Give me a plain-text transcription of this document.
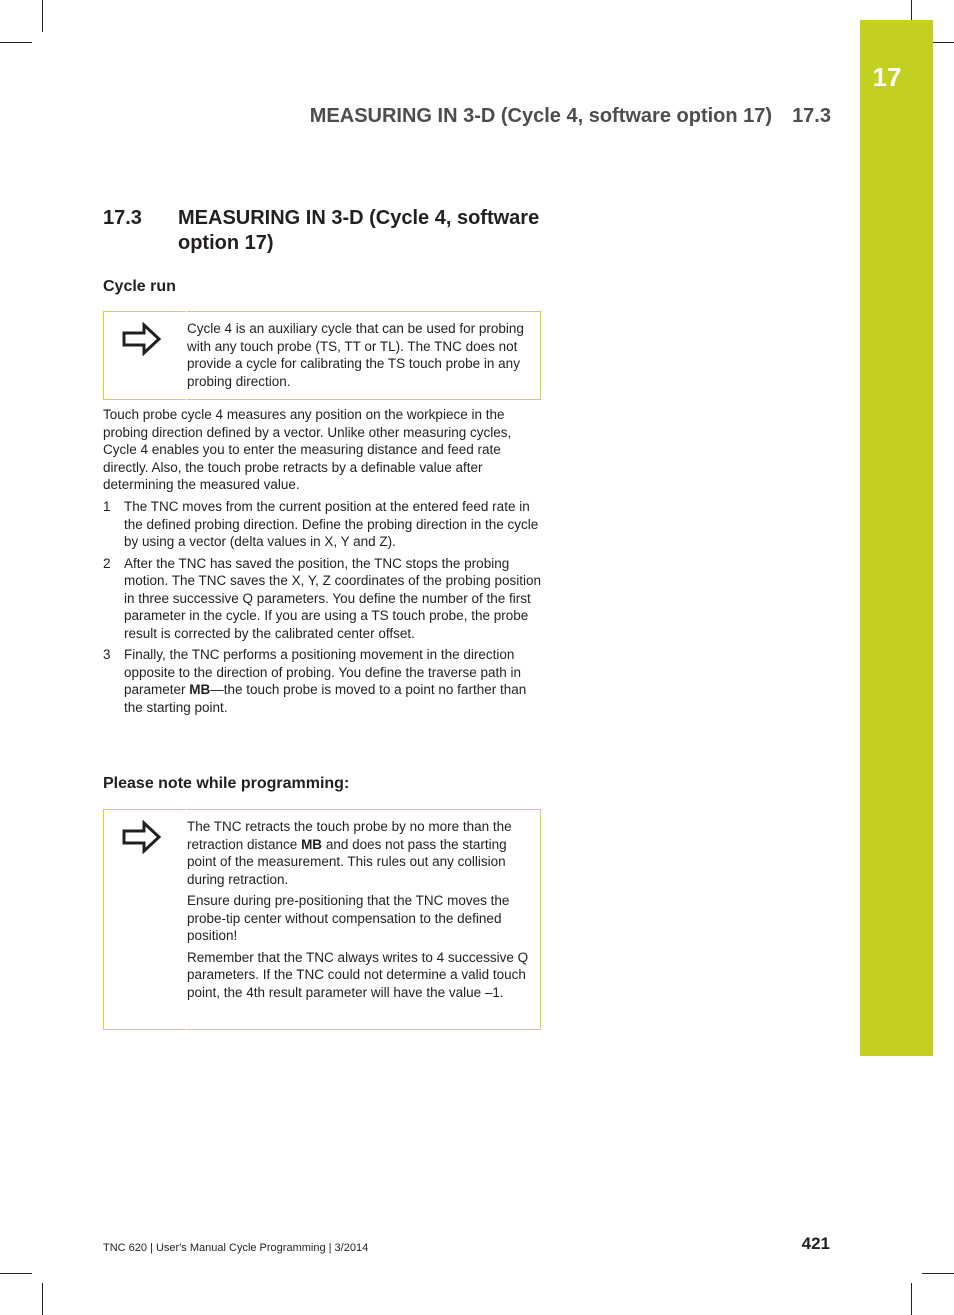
17
MEASURING IN 3-D (Cycle 4, software option 17) 17.3
17.3 MEASURING IN 3-D (Cycle 4, software option 17)
Cycle run

Cycle 4 is an auxiliary cycle that can be used for probing with any touch probe (TS, TT or TL). The TNC does not provide a cycle for calibrating the TS touch probe in any probing direction.

Touch probe cycle 4 measures any position on the workpiece in the probing direction defined by a vector. Unlike other measuring cycles, Cycle 4 enables you to enter the measuring distance and feed rate directly. Also, the touch probe retracts by a definable value after determining the measured value.
1 The TNC moves from the current position at the entered feed rate in the defined probing direction. Define the probing direction in the cycle by using a vector (delta values in X, Y and Z).
2 After the TNC has saved the position, the TNC stops the probing motion. The TNC saves the X, Y, Z coordinates of the probing position in three successive Q parameters. You define the number of the first parameter in the cycle. If you are using a TS touch probe, the probe result is corrected by the calibrated center offset.
3 Finally, the TNC performs a positioning movement in the direction opposite to the direction of probing. You define the traverse path in parameter MB—the touch probe is moved to a point no farther than the starting point.
Please note while programming:

The TNC retracts the touch probe by no more than the retraction distance MB and does not pass the starting point of the measurement. This rules out any collision during retraction.

Ensure during pre-positioning that the TNC moves the probe-tip center without compensation to the defined position!

Remember that the TNC always writes to 4 successive Q parameters. If the TNC could not determine a valid touch point, the 4th result parameter will have the value –1.

TNC 620 | User's Manual Cycle Programming | 3/2014	421
